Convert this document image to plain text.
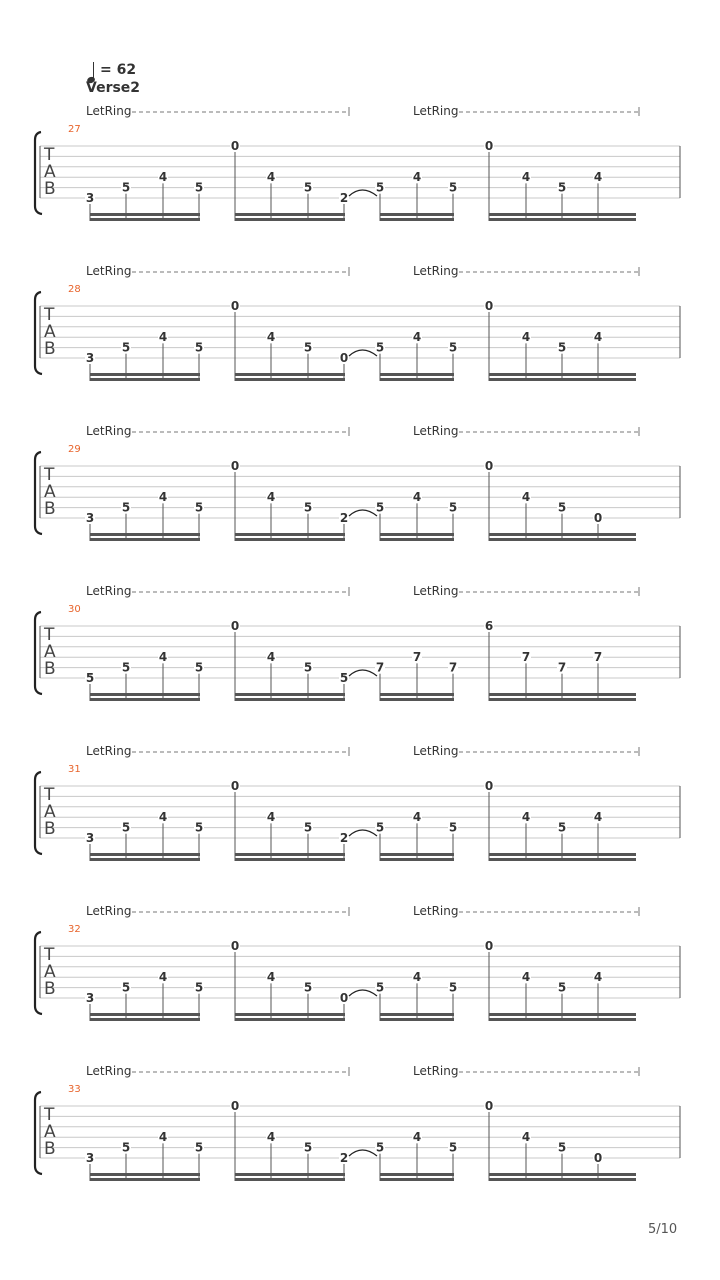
= 62
Verse2
LetRing	LetRing
27
T
A
B	3
5
4
5
0
4
5
2
5
4
5
0
4
5
4
LetRing	LetRing
28
T
A
B	3
5
4
5
0
4
5
0
5
4
5
0
4
5
4
LetRing	LetRing
29
T
A
B	3
5
4
5
0
4
5
2
5
4
5
0
4
5
0
LetRing	LetRing
30
T
A
B	5
5
4
5
0
4
5
5
7
7
7
6
7
7
7
LetRing	LetRing
31
T
A
B	3
5
4
5
0
4
5
2
5
4
5
0
4
5
4
LetRing	LetRing
32
T
A
B	3
5
4
5
0
4
5
0
5
4
5
0
4
5
4
LetRing	LetRing
33
T
A
B	3
5
4
5
0
4
5
2
5
4
5
0
4
5
0
5/10
